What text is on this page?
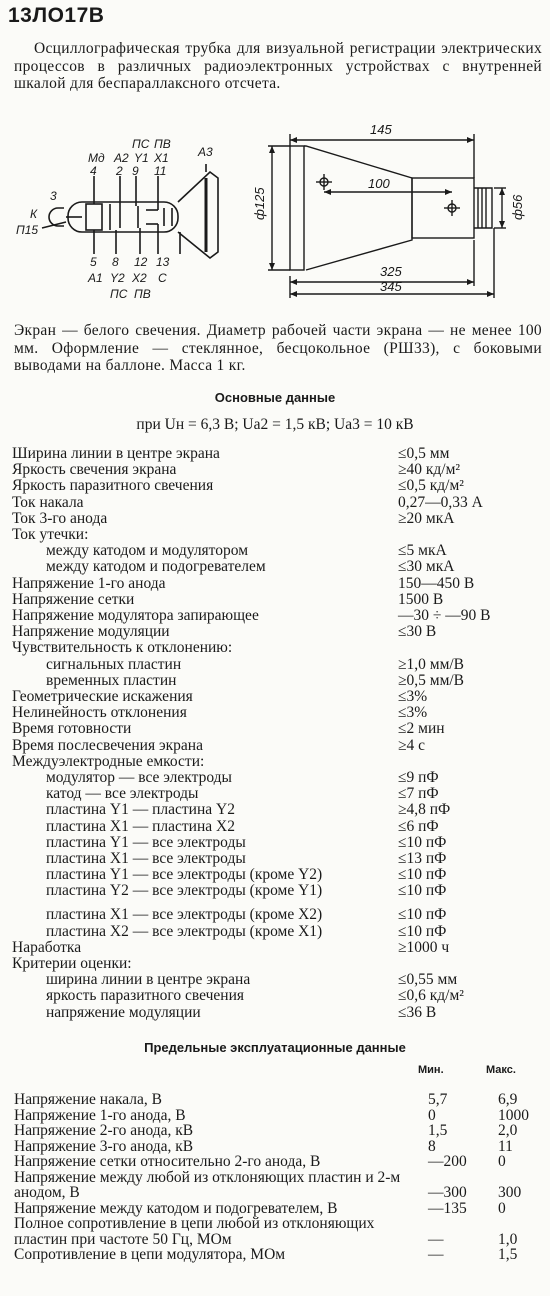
13ЛО17В
Осциллографическая трубка для визуальной регистрации электрических процессов в различных радиоэлектронных устройствах с внутренней шкалой для беспараллаксного отсчета.
Мд А2
ПС ПВ
Y1 X1 А3
4 2 9 11
3
К
П15
5 8 12 13
А1 Y2 X2 С
ПС ПВ
145
100
ф125	ф56
325
345
Экран — белого свечения. Диаметр рабочей части экрана — не менее 100 мм. Оформление — стеклянное, бесцокольное (РШ33), с боковыми выводами на баллоне. Масса 1 кг.
Основные данные
при Uн = 6,3 В; Uа2 = 1,5 кВ; Uа3 = 10 кВ
Ширина линии в центре экрана	≤0,5 мм
Яркость свечения экрана	≥40 кд/м²
Яркость паразитного свечения	≤0,5 кд/м²
Ток накала	0,27—0,33 А
Ток 3-го анода	≥20 мкА
Ток утечки:
между катодом и модулятором	≤5 мкА
между катодом и подогревателем	≤30 мкА
Напряжение 1-го анода	150—450 В
Напряжение сетки	1500 В
Напряжение модулятора запирающее	—30 ÷ —90 В
Напряжение модуляции	≤30 В
Чувствительность к отклонению:
сигнальных пластин	≥1,0 мм/В
временных пластин	≥0,5 мм/В
Геометрические искажения	≤3%
Нелинейность отклонения	≤3%
Время готовности	≤2 мин
Время послесвечения экрана	≥4 с
Междуэлектродные емкости:
модулятор — все электроды	≤9 пФ
катод — все электроды	≤7 пФ
пластина Y1 — пластина Y2	≥4,8 пФ
пластина X1 — пластина X2	≤6 пФ
пластина Y1 — все электроды	≤10 пФ
пластина X1 — все электроды	≤13 пФ
пластина Y1 — все электроды (кроме Y2)	≤10 пФ
пластина Y2 — все электроды (кроме Y1)	≤10 пФ
пластина X1 — все электроды (кроме X2)	≤10 пФ
пластина X2 — все электроды (кроме X1)	≤10 пФ
Наработка	≥1000 ч
Критерии оценки:
ширина линии в центре экрана	≤0,55 мм
яркость паразитного свечения	≤0,6 кд/м²
напряжение модуляции	≤36 В
Предельные эксплуатационные данные
Мин.	Макс.
Напряжение накала, В	5,7	6,9
Напряжение 1-го анода, В	0	1000
Напряжение 2-го анода, кВ	1,5	2,0
Напряжение 3-го анода, кВ	8	11
Напряжение сетки относительно 2-го анода, В	—200 0
Напряжение между любой из отклоняющих пластин и 2-м анодом, В	—300 300
Напряжение между катодом и подогревателем, В	—135 0
Полное сопротивление в цепи любой из отклоняющих пластин при частоте 50 Гц, МОм	—	1,0
Сопротивление в цепи модулятора, МОм	—	1,5
